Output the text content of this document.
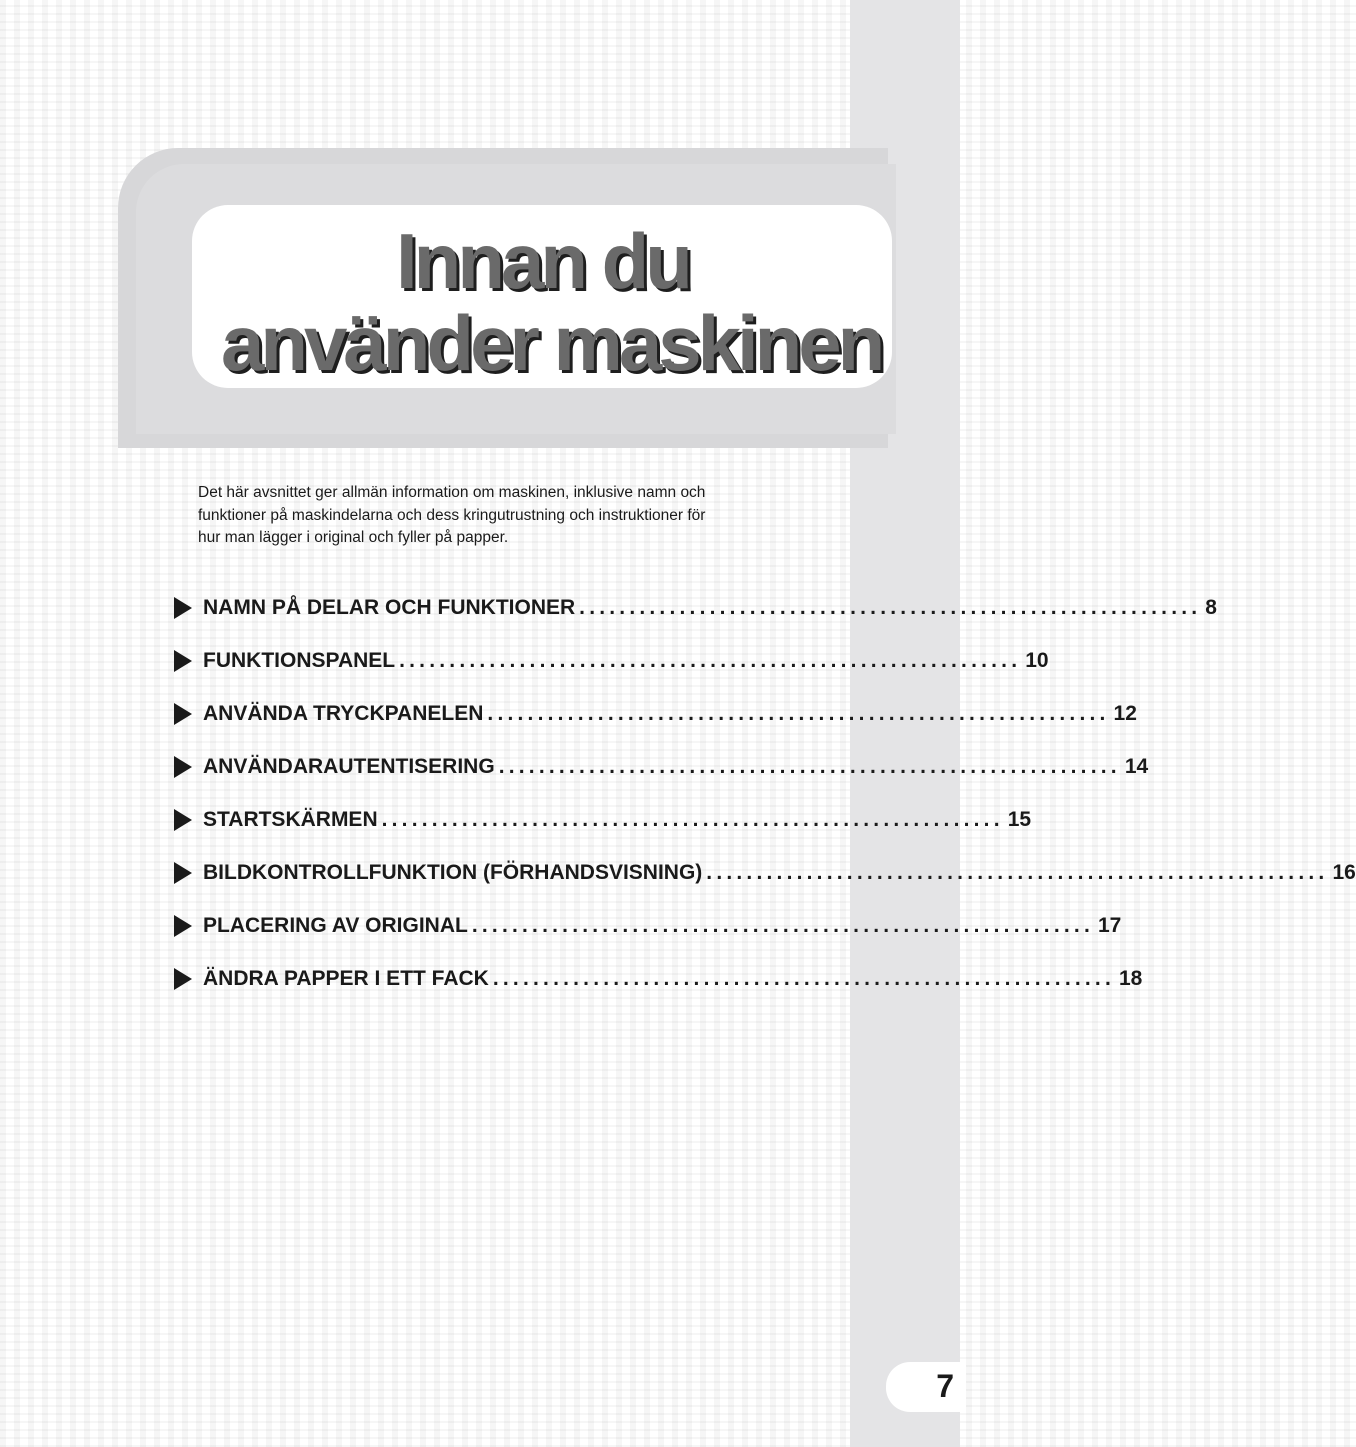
Innan du
använder maskinen
Det här avsnittet ger allmän information om maskinen, inklusive namn och
funktioner på maskindelarna och dess kringutrustning och instruktioner för
hur man lägger i original och fyller på papper.
NAMN PÅ DELAR OCH FUNKTIONER .............................................................. 8
FUNKTIONSPANEL .............................................................. 10
ANVÄNDA TRYCKPANELEN .............................................................. 12
ANVÄNDARAUTENTISERING .............................................................. 14
STARTSKÄRMEN .............................................................. 15
BILDKONTROLLFUNKTION (FÖRHANDSVISNING) .............................................................. 16
PLACERING AV ORIGINAL .............................................................. 17
ÄNDRA PAPPER I ETT FACK .............................................................. 18
7
